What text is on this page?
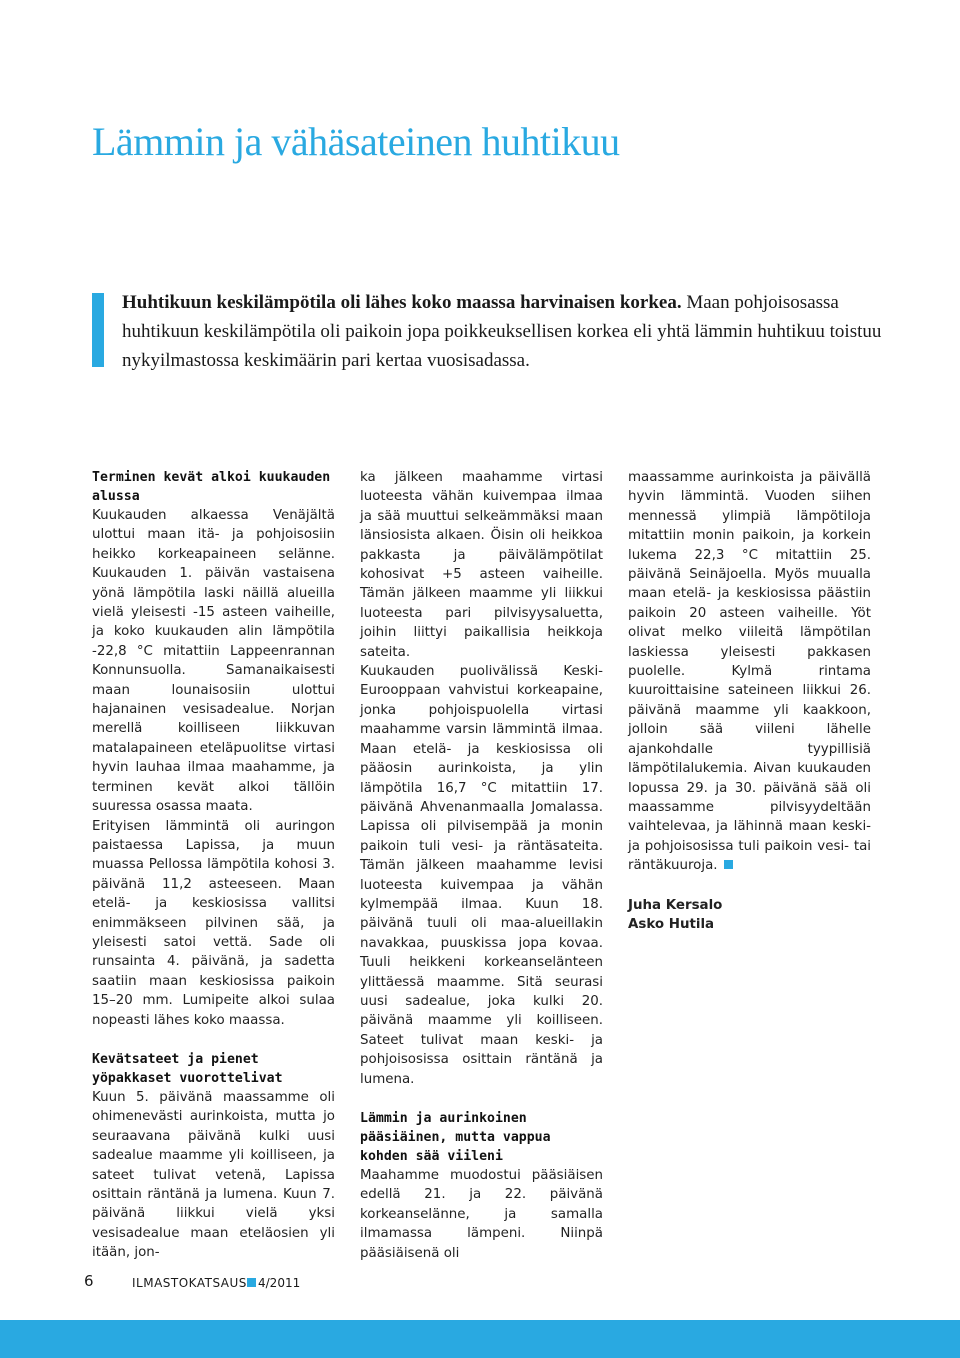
Lämmin ja vähäsateinen huhtikuu

Huhtikuun keskilämpötila oli lähes koko maassa harvinaisen korkea. Maan pohjoisosassa huhtikuun keskilämpötila oli paikoin jopa poikkeuksellisen korkea eli yhtä lämmin huhtikuu toistuu nykyilmastossa keskimäärin pari kertaa vuosisadassa.

Terminen kevät alkoi kuukauden alussa

Kuukauden alkaessa Venäjältä ulottui maan itä- ja pohjoisosiin heikko korkeapaineen selänne. Kuukauden 1. päivän vastaisena yönä lämpötila laski näillä alueilla vielä yleisesti -15 asteen vaiheille, ja koko kuukauden alin lämpötila -22,8 °C mitattiin Lappeenrannan Konnunsuolla. Samanaikaisesti maan lounaisosiin ulottui hajanainen vesisadealue. Norjan merellä koilliseen liikkuvan matalapaineen eteläpuolitse virtasi hyvin lauhaa ilmaa maahamme, ja terminen kevät alkoi tällöin suuressa osassa maata.

Erityisen lämmintä oli auringon paistaessa Lapissa, ja muun muassa Pellossa lämpötila kohosi 3. päivänä 11,2 asteeseen. Maan etelä- ja keskiosissa vallitsi enimmäkseen pilvinen sää, ja yleisesti satoi vettä. Sade oli runsainta 4. päivänä, ja sadetta saatiin maan keskiosissa paikoin 15–20 mm. Lumipeite alkoi sulaa nopeasti lähes koko maassa.

Kevätsateet ja pienet yöpakkaset vuorottelivat

Kuun 5. päivänä maassamme oli ohimenevästi aurinkoista, mutta jo seuraavana päivänä kulki uusi sadealue maamme yli koilliseen, ja sateet tulivat vetenä, Lapissa osittain räntänä ja lumena. Kuun 7. päivänä liikkui vielä yksi vesisadealue maan eteläosien yli itään, jon-

ka jälkeen maahamme virtasi luoteesta vähän kuivempaa ilmaa ja sää muuttui selkeämmäksi maan länsiosista alkaen. Öisin oli heikkoa pakkasta ja päivälämpötilat kohosivat +5 asteen vaiheille. Tämän jälkeen maamme yli liikkui luoteesta pari pilvisyysaluetta, joihin liittyi paikallisia heikkoja sateita.

Kuukauden puolivälissä Keski-Eurooppaan vahvistui korkeapaine, jonka pohjoispuolella virtasi maahamme varsin lämmintä ilmaa. Maan etelä- ja keskiosissa oli pääosin aurinkoista, ja ylin lämpötila 16,7 °C mitattiin 17. päivänä Ahvenanmaalla Jomalassa. Lapissa oli pilvisempää ja monin paikoin tuli vesi- ja räntäsateita. Tämän jälkeen maahamme levisi luoteesta kuivempaa ja vähän kylmempää ilmaa. Kuun 18. päivänä tuuli oli maa-alueillakin navakkaa, puuskissa jopa kovaa. Tuuli heikkeni korkeanselänteen ylittäessä maamme. Sitä seurasi uusi sadealue, joka kulki 20. päivänä maamme yli koilliseen. Sateet tulivat maan keski- ja pohjoisosissa osittain räntänä ja lumena.

Lämmin ja aurinkoinen pääsiäinen, mutta vappua kohden sää viileni

Maahamme muodostui pääsiäisen edellä 21. ja 22. päivänä korkeanselänne, ja samalla ilmamassa lämpeni. Niinpä pääsiäisenä oli

maassamme aurinkoista ja päivällä hyvin lämmintä. Vuoden siihen mennessä ylimpiä lämpötiloja mitattiin monin paikoin, ja korkein lukema 22,3 °C mitattiin 25. päivänä Seinäjoella. Myös muualla maan etelä- ja keskiosissa päästiin paikoin 20 asteen vaiheille. Yöt olivat melko viileitä lämpötilan laskiessa yleisesti pakkasen puolelle. Kylmä rintama kuuroittaisine sateineen liikkui 26. päivänä maamme yli kaakkoon, jolloin sää viileni lähelle ajankohdalle tyypillisiä lämpötilalukemia. Aivan kuukauden lopussa 29. ja 30. päivänä sää oli maassamme pilvisyydeltään vaihtelevaa, ja lähinnä maan keski- ja pohjoisosissa tuli paikoin vesi- tai räntäkuuroja.

Juha Kersalo

Asko Hutila

6	ILMASTOKATSAUS 4/2011
